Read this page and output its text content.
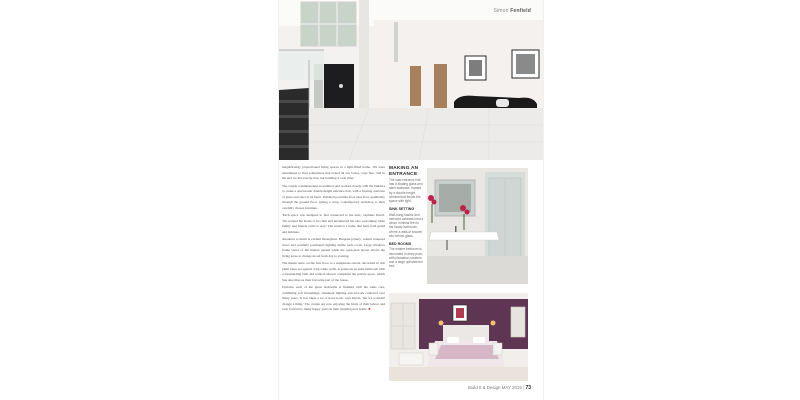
Simon Fenfield

magnificently proportioned living spaces in a light-filled home. 'We were determined to find somewhere that ticked all our boxes,' says Sue, 'and in the end we did exactly that, but building it took time.'

The couple commissioned an architect and worked closely with the builders to create a spectacular double-height entrance hall, with a floating staircase of glass and steel at its heart. Polished porcelain floor tiles flow seamlessly through the ground floor, giving a crisp, contemporary backdrop to their carefully chosen furniture.

'Each space was designed to feel connected to the next,' explains David. 'We wanted the house to be calm and uncluttered but also welcoming when family and friends come to stay.' The result is a home that feels both grand and intimate.

Attention to detail is evident throughout. Bespoke joinery, walnut veneered doors and carefully positioned lighting define each room. Large windows frame views of the mature garden while the open-plan layout allows the living areas to change mood from day to evening.

The master suite, on the first floor, is a sumptuous retreat, decorated in rich plum tones set against crisp white walls. A generous en suite bathroom with a freestanding bath and walk-in shower completes the private space, which Sue describes as their favourite part of the house.

Upstairs, each of the guest bedrooms is finished with the same care, combining soft furnishings, statement lighting and artwork collected over many years. 'It has taken a lot of hard work,' says David, 'but we wouldn't change a thing.' The couple are now enjoying the fruits of their labour and look forward to many happy years in their stunning new home. ■

MAKING AN ENTRANCE
The vast entrance hall has a floating glass and steel staircase, framed by a double-height window that floods the space with light.
SINK SETTING
Wall-hung basins and mirrored cabinets lend a clean, minimal feel to the family bathroom, where a walk-in shower sits behind glass.
BED ROOMS
The master bedroom is decorated in deep plum, with plantation shutters and a large upholstered bed.
Build It & Design MAY 2015 | 73
